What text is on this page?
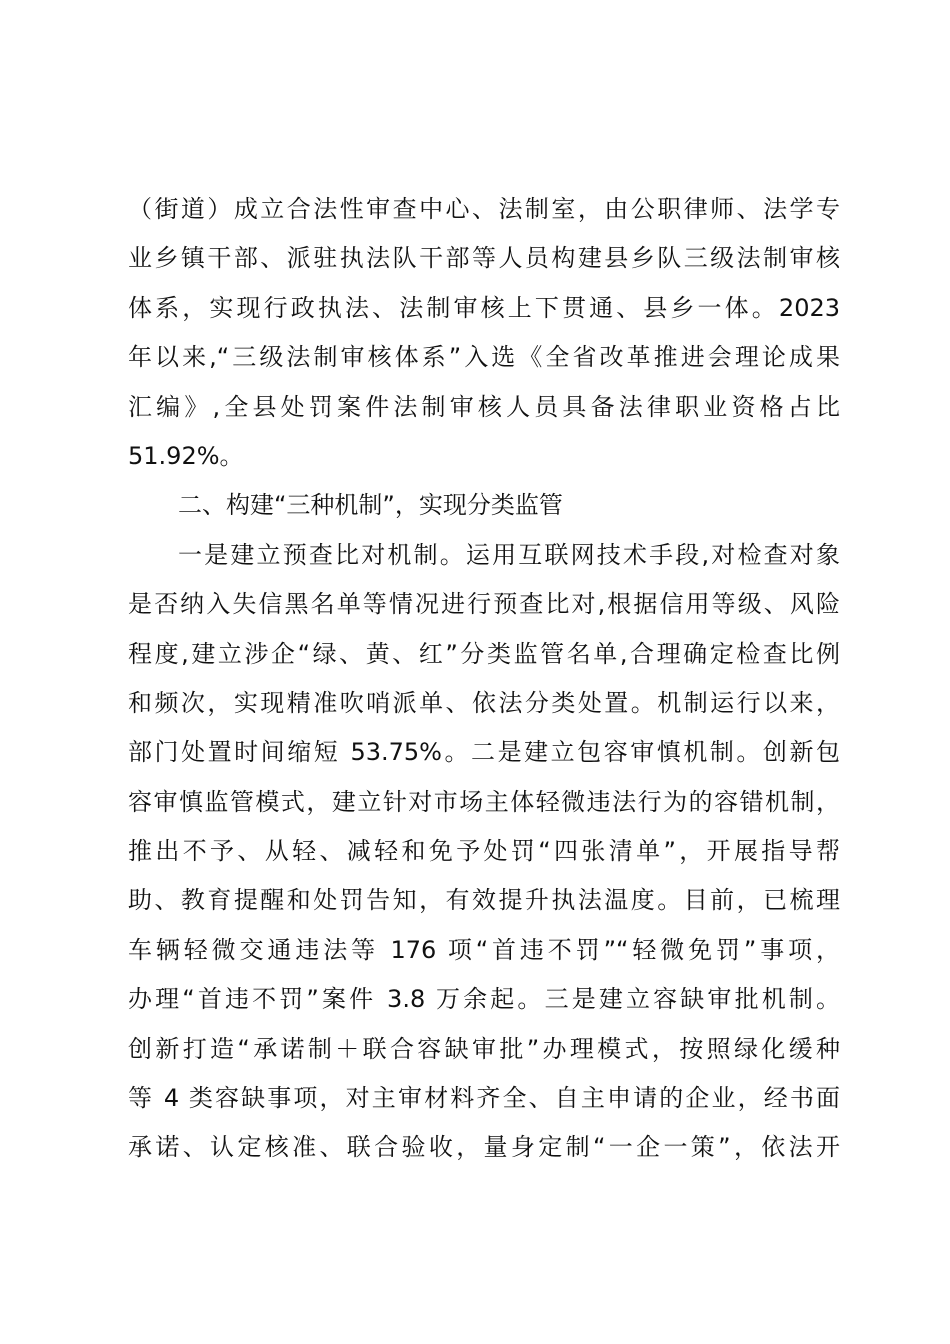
（街道）成立合法性审查中心、法制室，由公职律师、法学专
业乡镇干部、派驻执法队干部等人员构建县乡队三级法制审核
体系，实现行政执法、法制审核上下贯通、县乡一体。2023
年以来,“三级法制审核体系”入选《全省改革推进会理论成果
汇编》,全县处罚案件法制审核人员具备法律职业资格占比
51.92%。
二、构建“三种机制”，实现分类监管
一是建立预查比对机制。运用互联网技术手段,对检查对象
是否纳入失信黑名单等情况进行预查比对,根据信用等级、风险
程度,建立涉企“绿、黄、红”分类监管名单,合理确定检查比例
和频次，实现精准吹哨派单、依法分类处置。机制运行以来，
部门处置时间缩短 53.75%。二是建立包容审慎机制。创新包
容审慎监管模式，建立针对市场主体轻微违法行为的容错机制，
推出不予、从轻、减轻和免予处罚“四张清单”，开展指导帮
助、教育提醒和处罚告知，有效提升执法温度。目前，已梳理
车辆轻微交通违法等 176 项“首违不罚”“轻微免罚”事项，
办理“首违不罚”案件 3.8 万余起。三是建立容缺审批机制。
创新打造“承诺制＋联合容缺审批”办理模式，按照绿化缓种
等 4 类容缺事项，对主审材料齐全、自主申请的企业，经书面
承诺、认定核准、联合验收，量身定制“一企一策”，依法开
